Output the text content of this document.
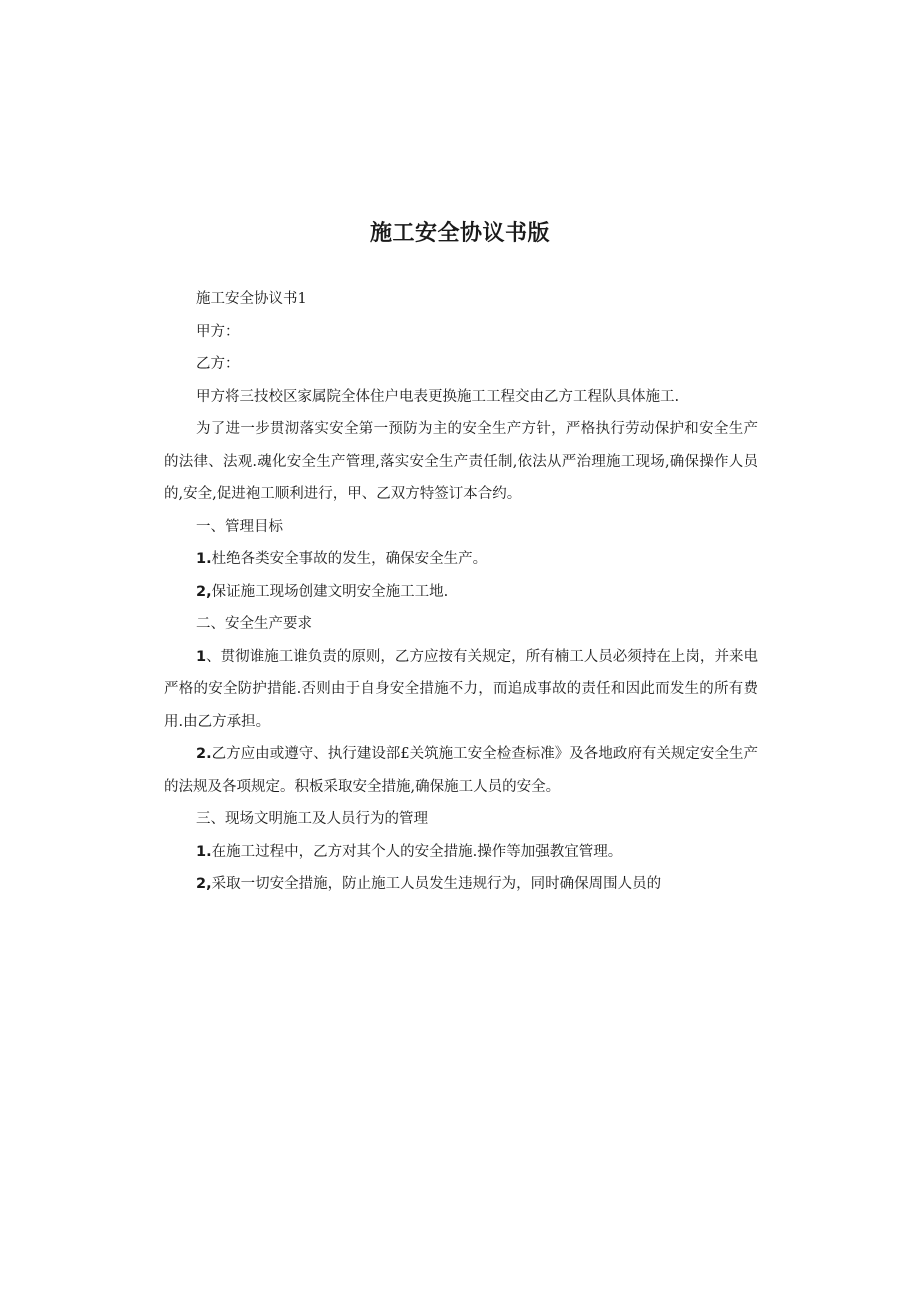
施工安全协议书版

施工安全协议书1

甲方：

乙方：

甲方将三技校区家属院全体住户电表更换施工工程交由乙方工程队具体施工.

为了进一步贯沏落实安全第一预防为主的安全生产方针，严格执行劳动保护和安全生产的法律、法观.魂化安全生产管理,落实安全生产责任制,依法从严治理施工现场,确保操作人员的,安全,促进袍工顺利进行，甲、乙双方特签订本合约。

一、管理目标

1.杜绝各类安全事故的发生，确保安全生产。

2,保证施工现场创建文明安全施工工地.

二、安全生产要求

1、贯彻谁施工谁负责的原则，乙方应按有关规定，所有楠工人员必须持在上岗，并来电严格的安全防护措能.否则由于自身安全措施不力，而追成事故的责任和因此而发生的所有费用.由乙方承担。

2.乙方应由或遵守、执行建设部£关筑施工安全检查标准》及各地政府有关规定安全生产的法规及各项规定。积板采取安全措施,确保施工人员的安全。

三、现场文明施工及人员行为的管理

1.在施工过程中，乙方对其个人的安全措施.操作等加强教宜管理。

2,采取一切安全措施，防止施工人员发生违规行为，同时确保周围人员的
